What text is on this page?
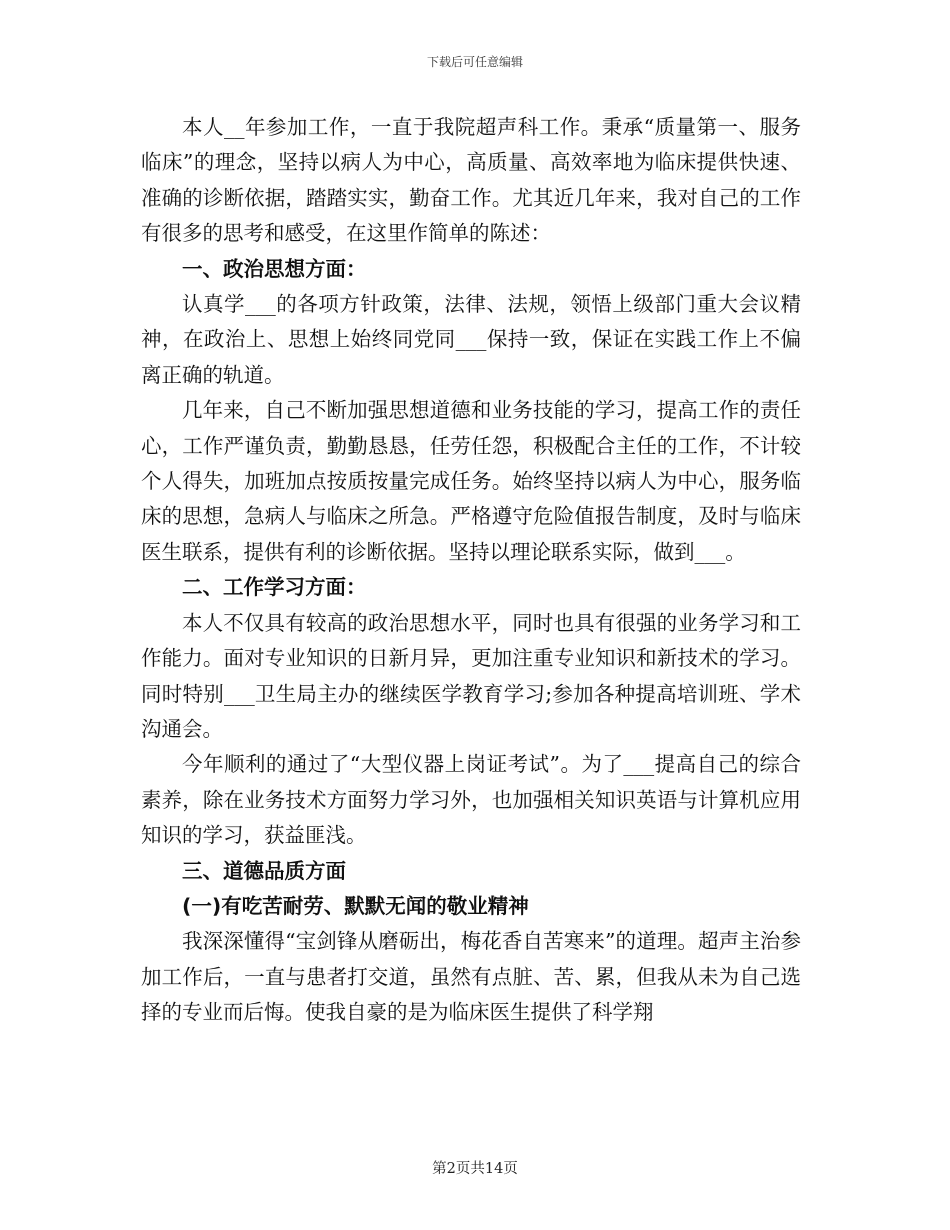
下载后可任意编辑

本人__年参加工作，一直于我院超声科工作。秉承“质量第一、服务临床”的理念，坚持以病人为中心，高质量、高效率地为临床提供快速、准确的诊断依据，踏踏实实，勤奋工作。尤其近几年来，我对自己的工作有很多的思考和感受，在这里作简单的陈述：

一、政治思想方面：

认真学___的各项方针政策，法律、法规，领悟上级部门重大会议精神，在政治上、思想上始终同党同___保持一致，保证在实践工作上不偏离正确的轨道。

几年来，自己不断加强思想道德和业务技能的学习，提高工作的责任心，工作严谨负责，勤勤恳恳，任劳任怨，积极配合主任的工作，不计较个人得失，加班加点按质按量完成任务。始终坚持以病人为中心，服务临床的思想，急病人与临床之所急。严格遵守危险值报告制度，及时与临床医生联系，提供有利的诊断依据。坚持以理论联系实际，做到___。

二、工作学习方面：

本人不仅具有较高的政治思想水平，同时也具有很强的业务学习和工作能力。面对专业知识的日新月异，更加注重专业知识和新技术的学习。同时特别___卫生局主办的继续医学教育学习;参加各种提高培训班、学术沟通会。

今年顺利的通过了“大型仪器上岗证考试”。为了___提高自己的综合素养，除在业务技术方面努力学习外，也加强相关知识英语与计算机应用知识的学习，获益匪浅。

三、道德品质方面

(一)有吃苦耐劳、默默无闻的敬业精神

我深深懂得“宝剑锋从磨砺出，梅花香自苦寒来”的道理。超声主治参加工作后，一直与患者打交道，虽然有点脏、苦、累，但我从未为自己选择的专业而后悔。使我自豪的是为临床医生提供了科学翔

第2页共14页
